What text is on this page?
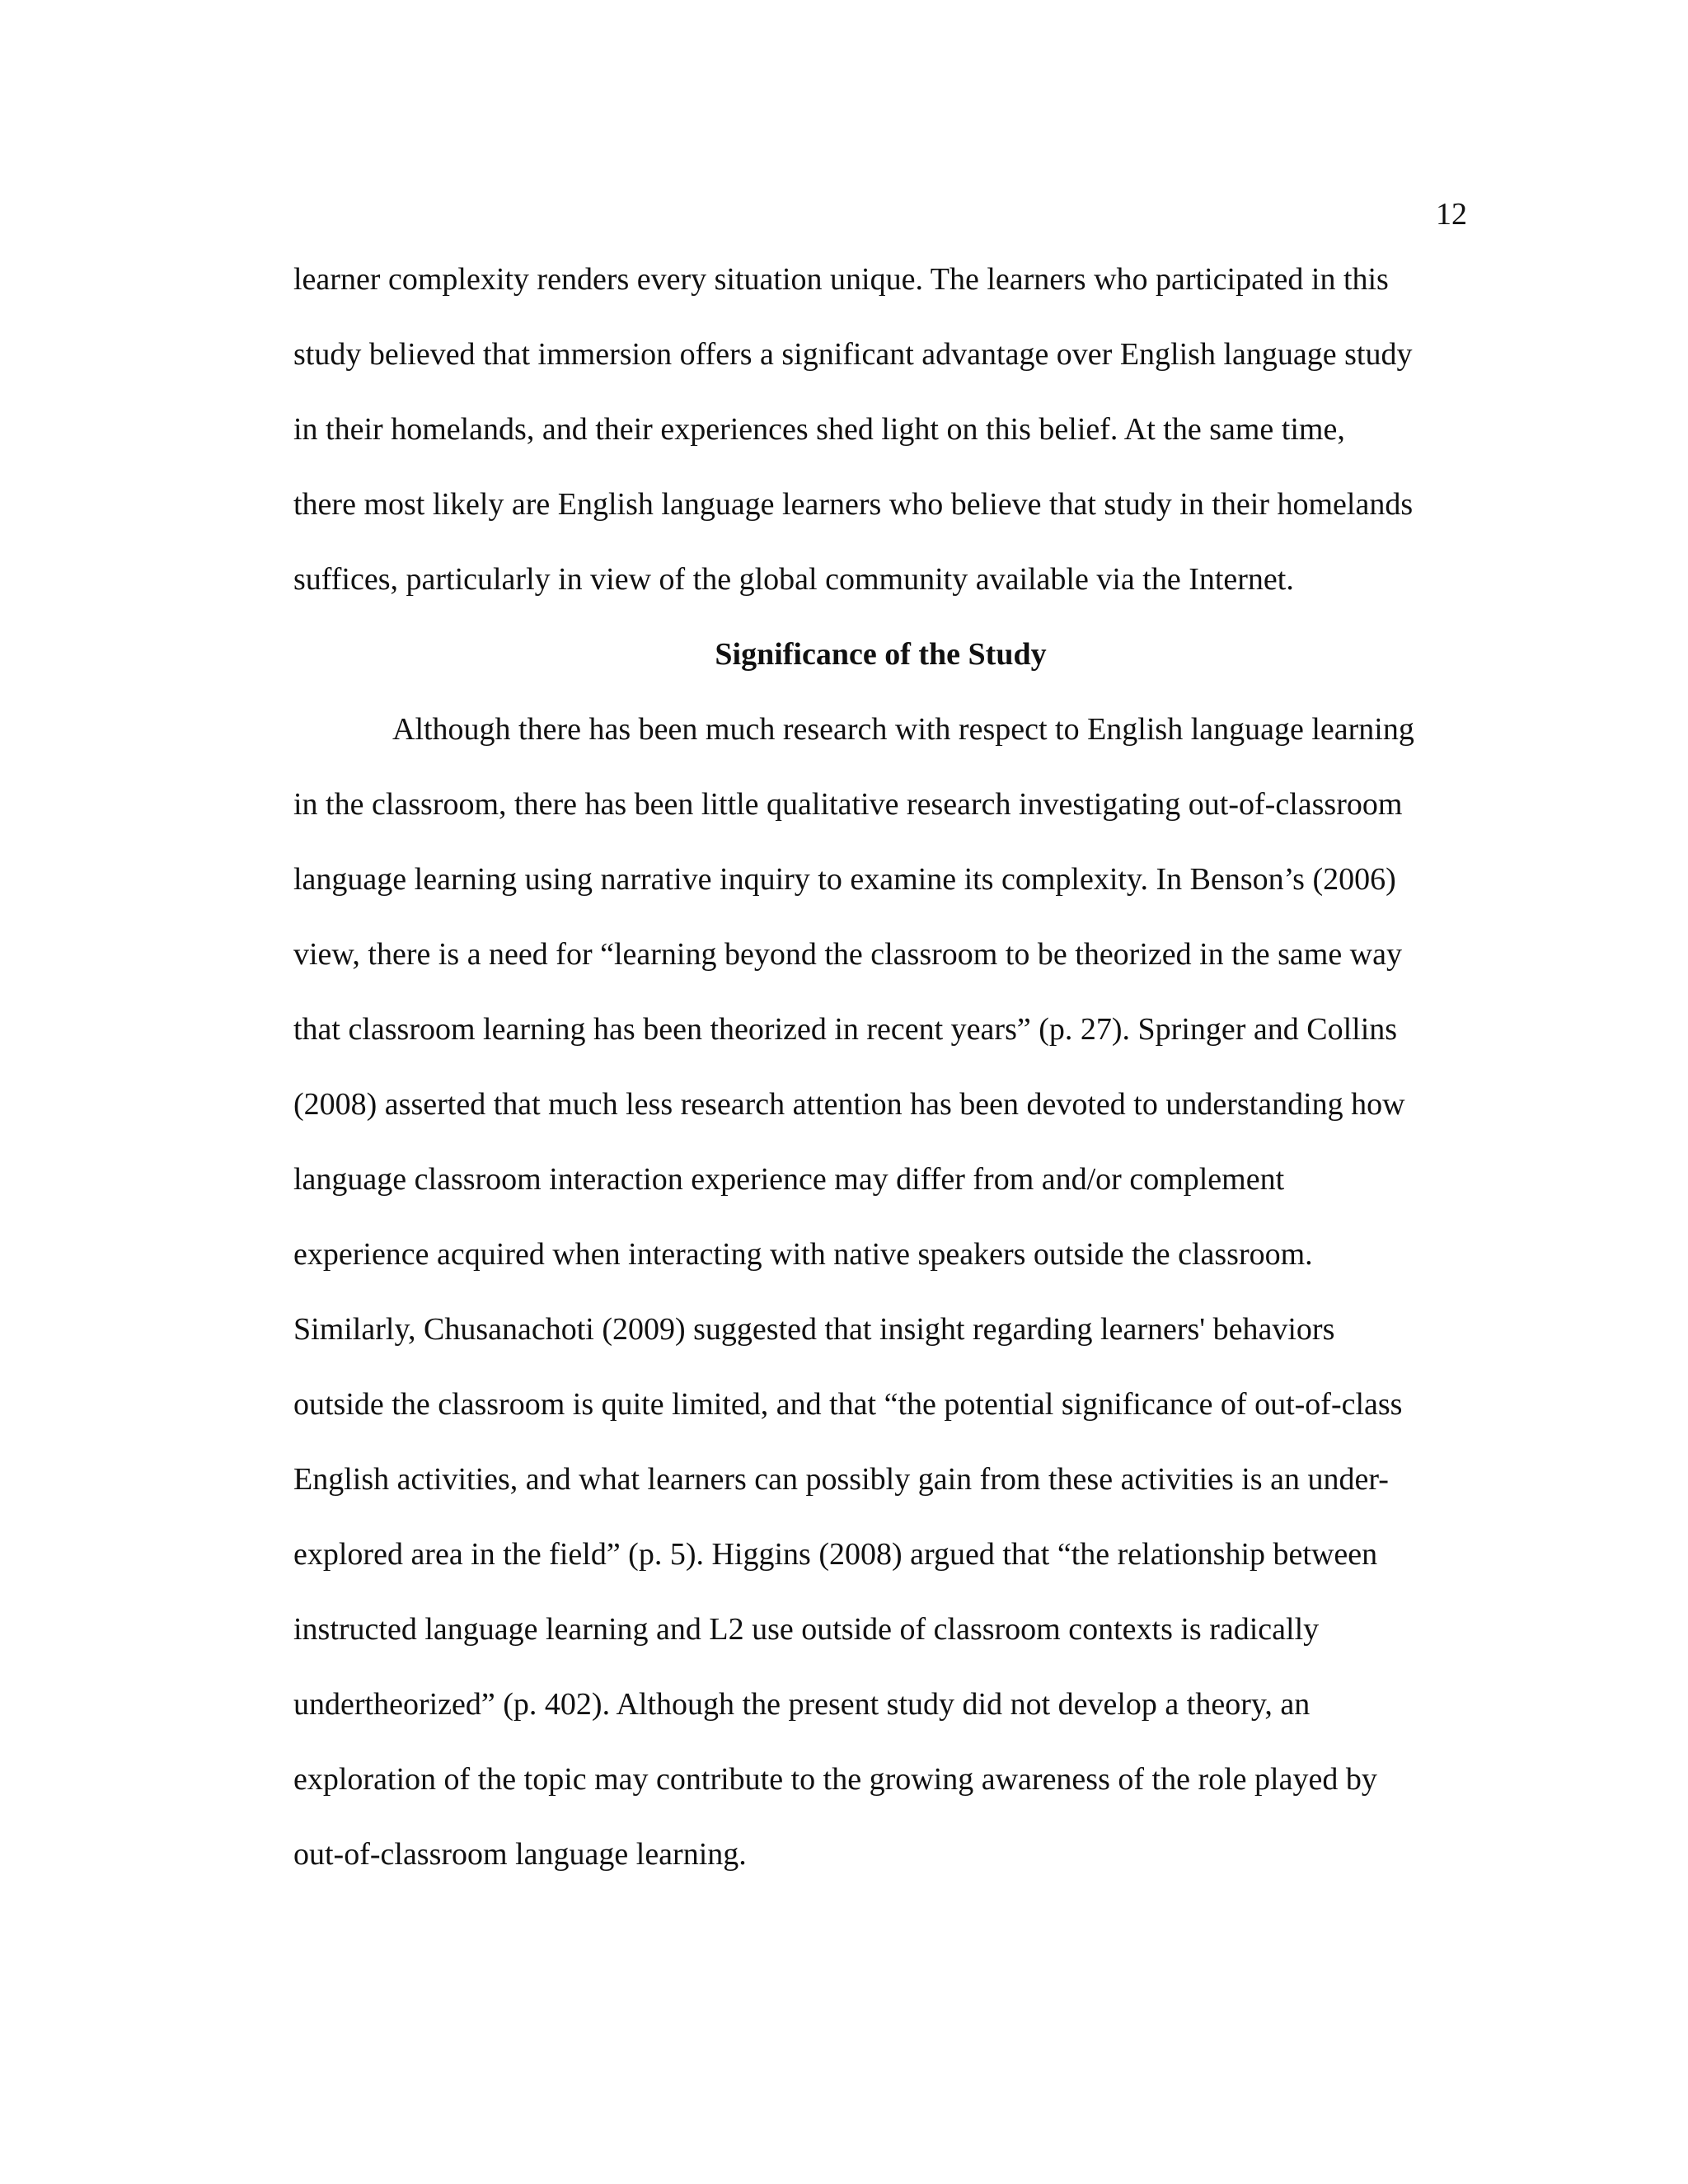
12
learner complexity renders every situation unique. The learners who participated in this
study believed that immersion offers a significant advantage over English language study
in their homelands, and their experiences shed light on this belief. At the same time,
there most likely are English language learners who believe that study in their homelands
suffices, particularly in view of the global community available via the Internet.
Significance of the Study
Although there has been much research with respect to English language learning
in the classroom, there has been little qualitative research investigating out-of-classroom
language learning using narrative inquiry to examine its complexity. In Benson’s (2006)
view, there is a need for “learning beyond the classroom to be theorized in the same way
that classroom learning has been theorized in recent years” (p. 27). Springer and Collins
(2008) asserted that much less research attention has been devoted to understanding how
language classroom interaction experience may differ from and/or complement
experience acquired when interacting with native speakers outside the classroom.
Similarly, Chusanachoti (2009) suggested that insight regarding learners' behaviors
outside the classroom is quite limited, and that “the potential significance of out-of-class
English activities, and what learners can possibly gain from these activities is an under-
explored area in the field” (p. 5). Higgins (2008) argued that “the relationship between
instructed language learning and L2 use outside of classroom contexts is radically
undertheorized” (p. 402). Although the present study did not develop a theory, an
exploration of the topic may contribute to the growing awareness of the role played by
out-of-classroom language learning.
